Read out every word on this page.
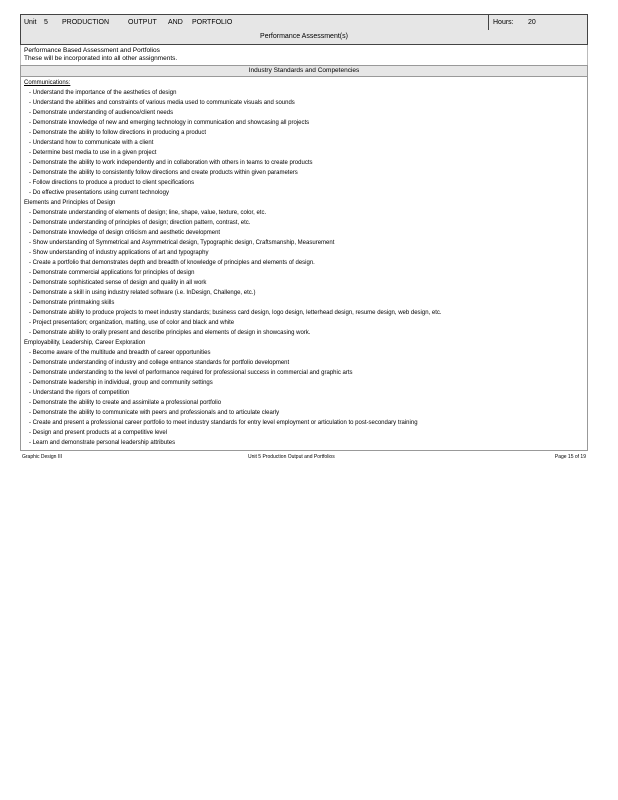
Unit 5 PRODUCTION	OUTPUT AND PORTFOLIO	Hours: 20
Performance Assessment(s)
Performance Based Assessment and Portfolios
These will be incorporated into all other assignments.
Industry Standards and Competencies
Communications:
- Understand the importance of the aesthetics of design
- Understand the abilities and constraints of various media used to communicate visuals and sounds
- Demonstrate understanding of audience/client needs
- Demonstrate knowledge of new and emerging technology in communication and showcasing all projects
- Demonstrate the ability to follow directions in producing a product
- Understand how to communicate with a client
- Determine best media to use in a given project
- Demonstrate the ability to work independently and in collaboration with others in teams to create products
- Demonstrate the ability to consistently follow directions and create products within given parameters
- Follow directions to produce a product to client specifications
- Do effective presentations using current technology
Elements and Principles of Design
- Demonstrate understanding of elements of design; line, shape, value, texture, color, etc.
- Demonstrate understanding of principles of design; direction pattern, contrast, etc.
- Demonstrate knowledge of design criticism and aesthetic development
- Show understanding of Symmetrical and Asymmetrical design, Typographic design, Craftsmanship, Measurement
- Show understanding of industry applications of art and typography
- Create a portfolio that demonstrates depth and breadth of knowledge of principles and elements of design.
- Demonstrate commercial applications for principles of design
- Demonstrate sophisticated sense of design and quality in all work
- Demonstrate a skill in using industry related software (i.e. InDesign, Challenge, etc.)
- Demonstrate printmaking skills
- Demonstrate ability to produce projects to meet industry standards; business card design, logo design, letterhead design, resume design, web design, etc.
- Project presentation; organization, matting, use of color and black and white
- Demonstrate ability to orally present and describe principles and elements of design in showcasing work.
Employability, Leadership, Career Exploration
- Become aware of the multitude and breadth of career opportunities
- Demonstrate understanding of industry and college entrance standards for portfolio development
- Demonstrate understanding to the level of performance required for professional success in commercial and graphic arts
- Demonstrate leadership in individual, group and community settings
- Understand the rigors of competition
- Demonstrate the ability to create and assimilate a professional portfolio
- Demonstrate the ability to communicate with peers and professionals and to articulate clearly
- Create and present a professional career portfolio to meet industry standards for entry level employment or articulation to post-secondary training
- Design and present products at a competitive level
- Learn and demonstrate personal leadership attributes
Graphic Design III	Unit 5 Production Output and Portfolios	Page 15 of 19
